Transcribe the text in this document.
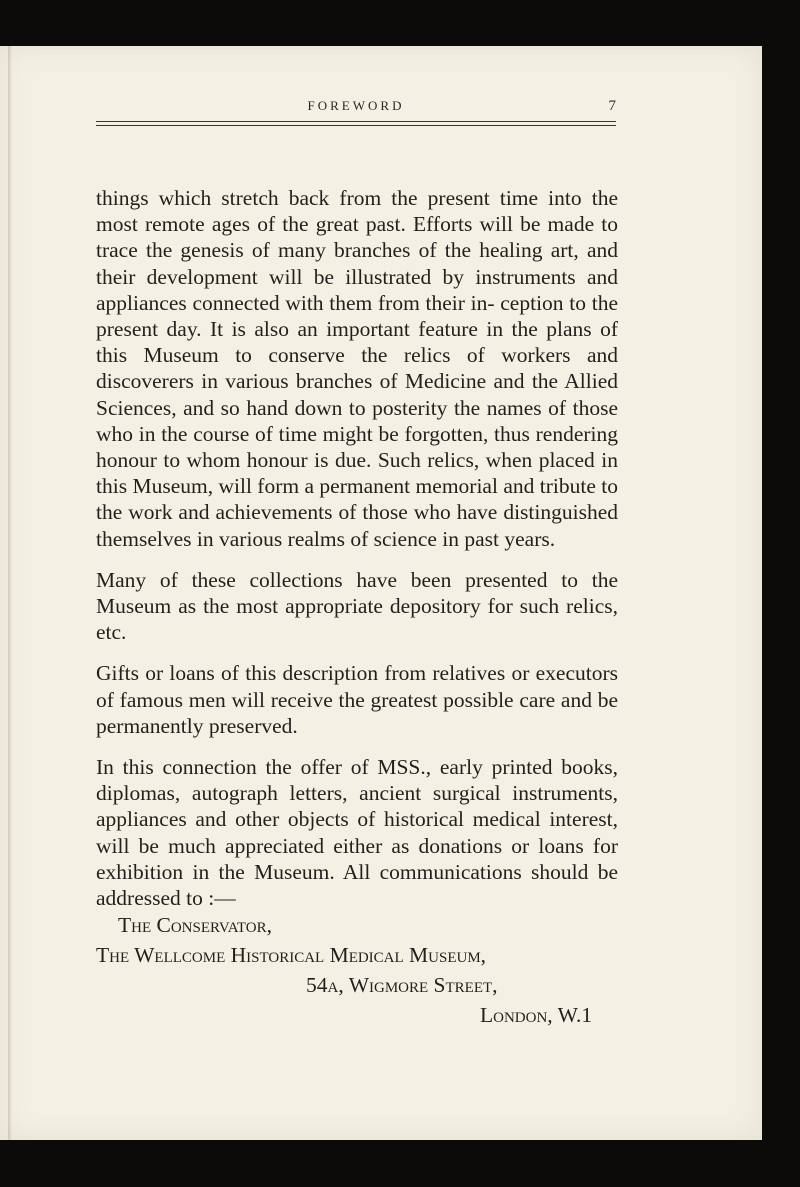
FOREWORD	7

things which stretch back from the present time into the most remote ages of the great past. Efforts will be made to trace the genesis of many branches of the healing art, and their development will be illustrated by instruments and appliances connected with them from their in- ception to the present day. It is also an important feature in the plans of this Museum to conserve the relics of workers and discoverers in various branches of Medicine and the Allied Sciences, and so hand down to posterity the names of those who in the course of time might be forgotten, thus rendering honour to whom honour is due. Such relics, when placed in this Museum, will form a permanent memorial and tribute to the work and achievements of those who have distinguished themselves in various realms of science in past years.

Many of these collections have been presented to the Museum as the most appropriate depository for such relics, etc.

Gifts or loans of this description from relatives or executors of famous men will receive the greatest possible care and be permanently preserved.

In this connection the offer of MSS., early printed books, diplomas, autograph letters, ancient surgical instruments, appliances and other objects of historical medical interest, will be much appreciated either as donations or loans for exhibition in the Museum. All communications should be addressed to :—

The Conservator,
The Wellcome Historical Medical Museum,
54a, Wigmore Street,
London, W.1
